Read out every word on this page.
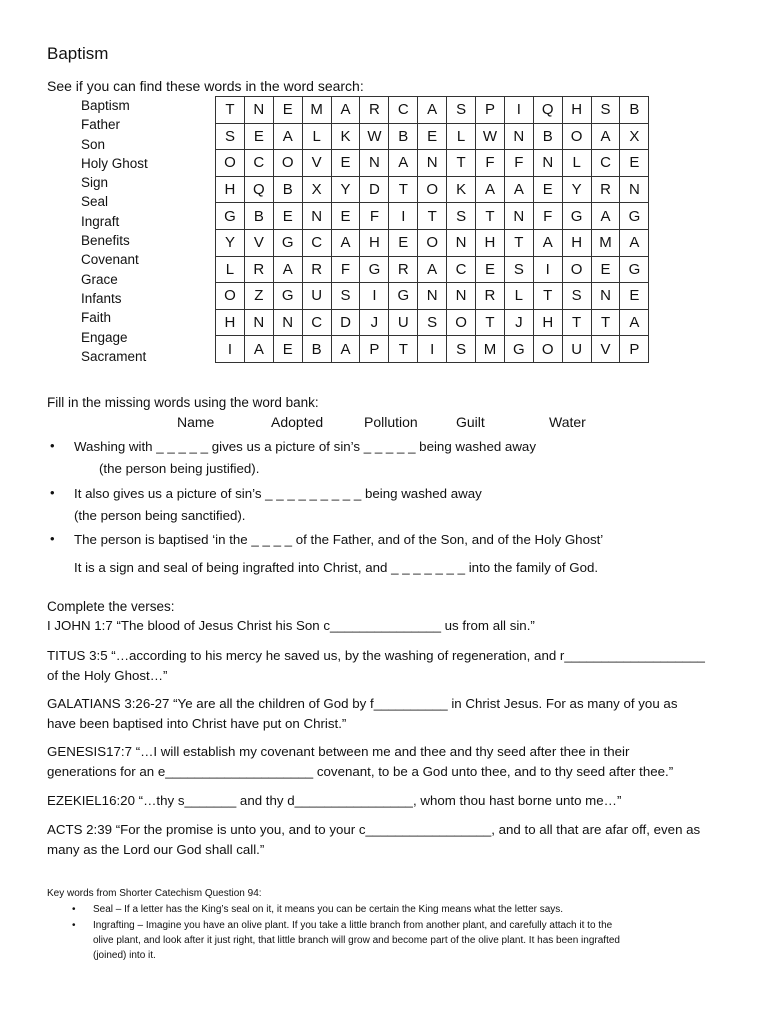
Baptism
See if you can find these words in the word search:
Baptism
Father
Son
Holy Ghost
Sign
Seal
Ingraft
Benefits
Covenant
Grace
Infants
Faith
Engage
Sacrament
T	N	E	M	A	R	C	A	S	P	I	Q	H	S	B
S	E	A	L	K	W	B	E	L	W	N	B	O	A	X
O	C	O	V	E	N	A	N	T	F	F	N	L	C	E
H	Q	B	X	Y	D	T	O	K	A	A	E	Y	R	N
G	B	E	N	E	F	I	T	S	T	N	F	G	A	G
Y	V	G	C	A	H	E	O	N	H	T	A	H	M	A
L	R	A	R	F	G	R	A	C	E	S	I	O	E	G
O	Z	G	U	S	I	G	N	N	R	L	T	S	N	E
H	N	N	C	D	J	U	S	O	T	J	H	T	T	A
I	A	E	B	A	P	T	I	S	M	G	O	U	V	P
Fill in the missing words using the word bank:
Name	Adopted	Pollution	Guilt	Water
• Washing with _ _ _ _ _ gives us a picture of sin’s _ _ _ _ _ being washed away
(the person being justified).
• It also gives us a picture of sin’s _ _ _ _ _ _ _ _ _ being washed away
(the person being sanctified).
• The person is baptised ‘in the _ _ _ _ of the Father, and of the Son, and of the Holy Ghost’
It is a sign and seal of being ingrafted into Christ, and _ _ _ _ _ _ _ into the family of God.
Complete the verses:
I JOHN 1:7 “The blood of Jesus Christ his Son c_______________ us from all sin.”
TITUS 3:5 “…according to his mercy he saved us, by the washing of regeneration, and r___________________
of the Holy Ghost…”
GALATIANS 3:26-27 “Ye are all the children of God by f__________ in Christ Jesus. For as many of you as
have been baptised into Christ have put on Christ.”
GENESIS17:7 “…I will establish my covenant between me and thee and thy seed after thee in their
generations for an e____________________ covenant, to be a God unto thee, and to thy seed after thee.”
EZEKIEL16:20 “…thy s_______ and thy d________________, whom thou hast borne unto me…”
ACTS 2:39 “For the promise is unto you, and to your c_________________, and to all that are afar off, even as
many as the Lord our God shall call.”
Key words from Shorter Catechism Question 94:
• Seal – If a letter has the King’s seal on it, it means you can be certain the King means what the letter says.
• Ingrafting – Imagine you have an olive plant. If you take a little branch from another plant, and carefully attach it to the
olive plant, and look after it just right, that little branch will grow and become part of the olive plant. It has been ingrafted
(joined) into it.
